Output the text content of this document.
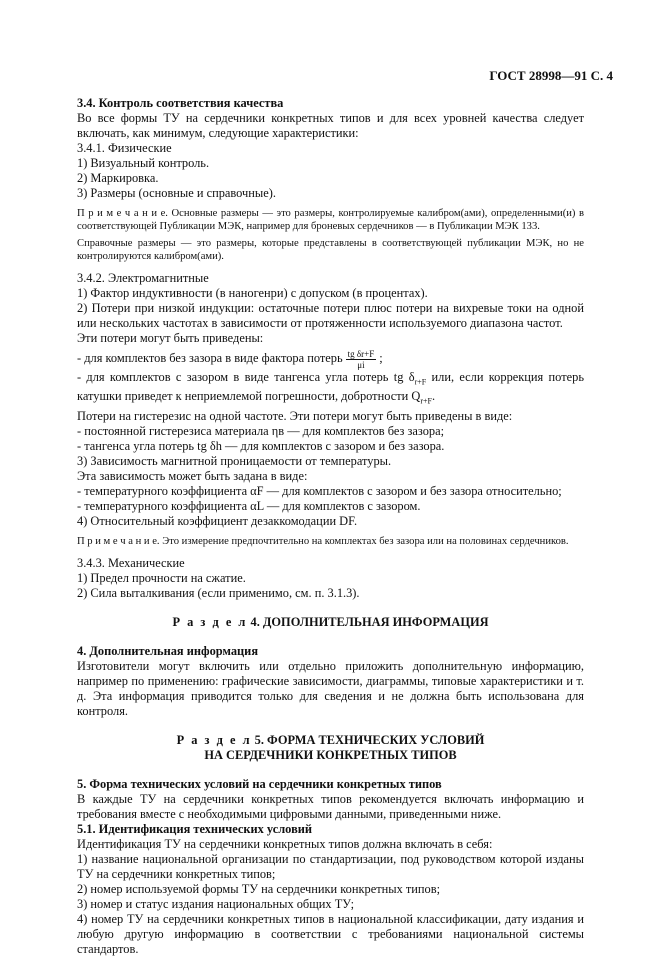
ГОСТ 28998—91 С. 4

3.4. Контроль соответствия качества

Во все формы ТУ на сердечники конкретных типов и для всех уровней качества следует включать, как минимум, следующие характеристики:

3.4.1. Физические

1) Визуальный контроль.

2) Маркировка.

3) Размеры (основные и справочные).

П р и м е ч а н и е. Основные размеры — это размеры, контролируемые калибром(ами), определенными(и) в соответствующей Публикации МЭК, например для броневых сердечников — в Публикации МЭК 133.

Справочные размеры — это размеры, которые представлены в соответствующей публикации МЭК, но не контролируются калибром(ами).

3.4.2. Электромагнитные

1) Фактор индуктивности (в наногенри) с допуском (в процентах).

2) Потери при низкой индукции: остаточные потери плюс потери на вихревые токи на одной или нескольких частотах в зависимости от протяженности используемого диапазона частот.

Эти потери могут быть приведены:

- для комплектов без зазора в виде фактора потерь $\frac{\text{tg δr+F}}{\mu i}$ ;

- для комплектов с зазором в виде тангенса угла потерь tg $\delta_{r+F}$ или, если коррекция потерь катушки приведет к неприемлемой погрешности, добротности $Q_{r+F}$.

Потери на гистерезис на одной частоте. Эти потери могут быть приведены в виде:

- постоянной гистерезиса материала ηв — для комплектов без зазора;

- тангенса угла потерь tg δh — для комплектов с зазором и без зазора.

3) Зависимость магнитной проницаемости от температуры.

Эта зависимость может быть задана в виде:

- температурного коэффициента αF — для комплектов с зазором и без зазора относительно;

- температурного коэффициента αL — для комплектов с зазором.

4) Относительный коэффициент дезаккомодации DF.

П р и м е ч а н и е. Это измерение предпочтительно на комплектах без зазора или на половинах сердечников.

3.4.3. Механические

1) Предел прочности на сжатие.

2) Сила выталкивания (если применимо, см. п. 3.1.3).

Р а з д е л 4. ДОПОЛНИТЕЛЬНАЯ ИНФОРМАЦИЯ

4. Дополнительная информация

Изготовители могут включить или отдельно приложить дополнительную информацию, например по применению: графические зависимости, диаграммы, типовые характеристики и т. д. Эта информация приводится только для сведения и не должна быть использована для контроля.

Р а з д е л 5. ФОРМА ТЕХНИЧЕСКИХ УСЛОВИЙ

НА СЕРДЕЧНИКИ КОНКРЕТНЫХ ТИПОВ

5. Форма технических условий на сердечники конкретных типов

В каждые ТУ на сердечники конкретных типов рекомендуется включать информацию и требования вместе с необходимыми цифровыми данными, приведенными ниже.

5.1. Идентификация технических условий

Идентификация ТУ на сердечники конкретных типов должна включать в себя:

1) название национальной организации по стандартизации, под руководством которой изданы ТУ на сердечники конкретных типов;

2) номер используемой формы ТУ на сердечники конкретных типов;

3) номер и статус издания национальных общих ТУ;

4) номер ТУ на сердечники конкретных типов в национальной классификации, дату издания и любую другую информацию в соответствии с требованиями национальной системы стандартов.
